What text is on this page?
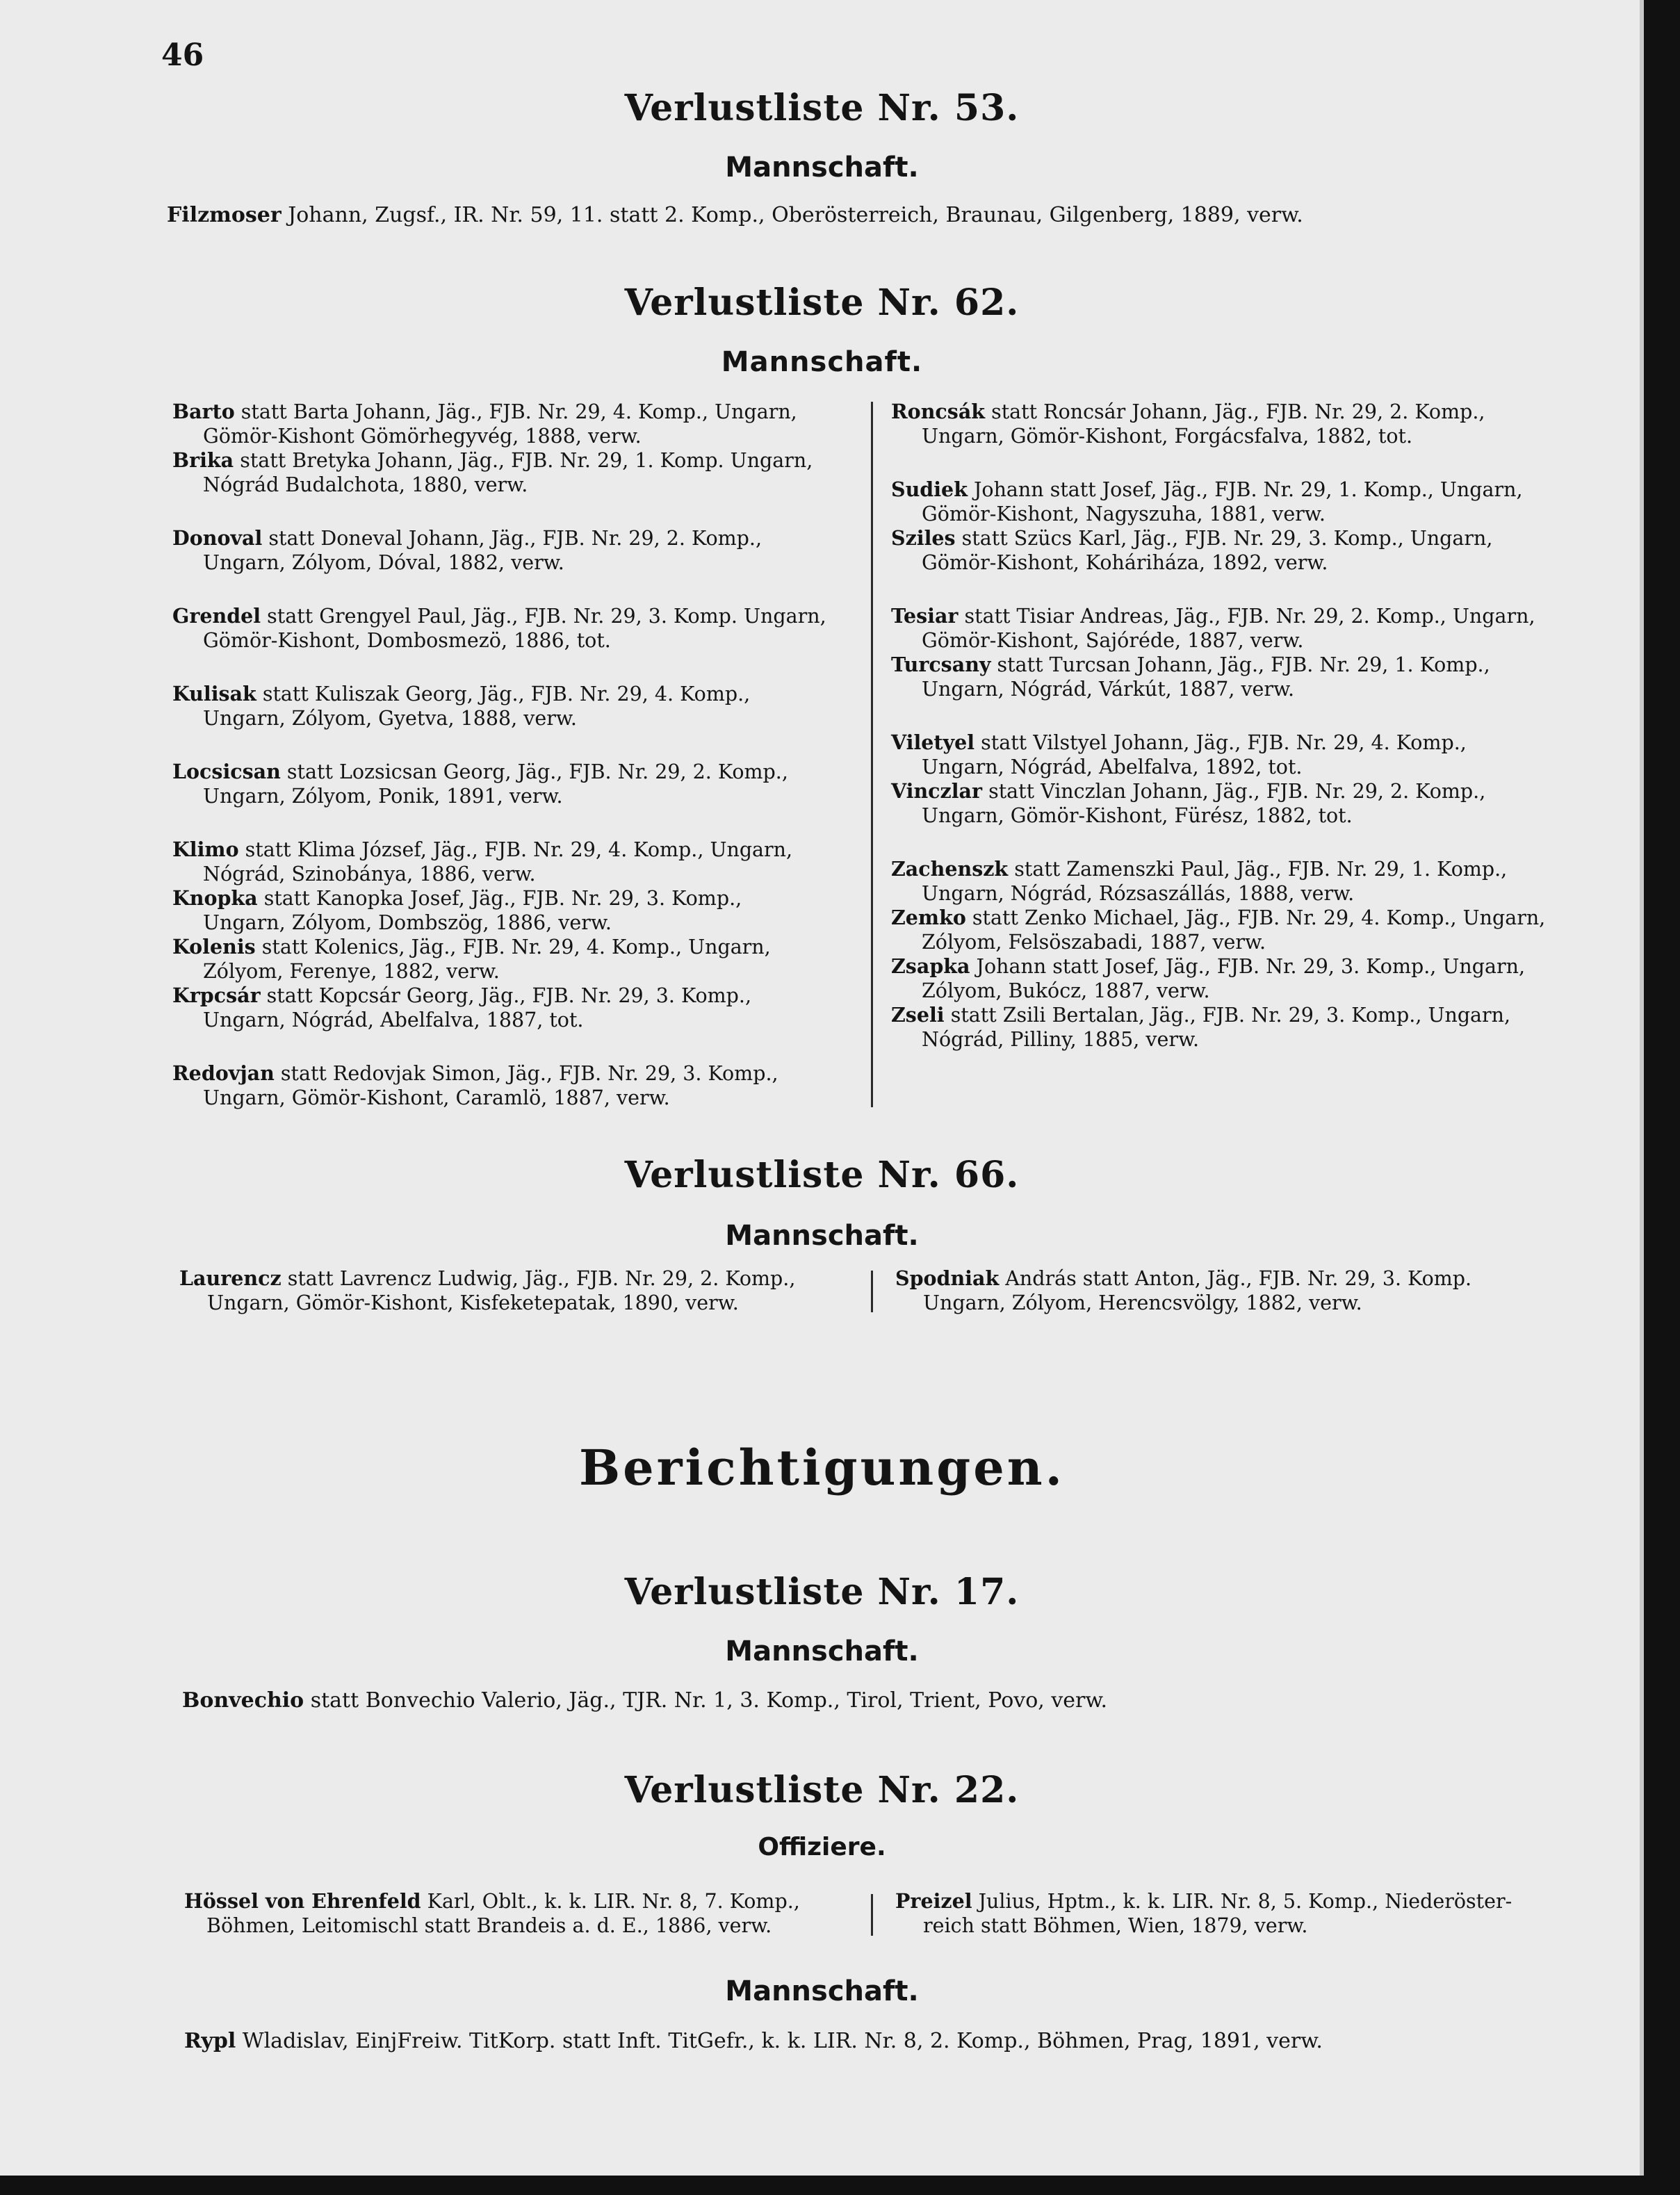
46
Verlustliste Nr. 53.
Mannschaft.
Filzmoser Johann, Zugsf., IR. Nr. 59, 11. statt 2. Komp., Oberösterreich, Braunau, Gilgenberg, 1889, verw.
Verlustliste Nr. 62.
Mannschaft.
Barto statt Barta Johann, Jäg., FJB. Nr. 29, 4. Komp., Ungarn,
Gömör-Kishont Gömörhegyvég, 1888, verw.
Brika statt Bretyka Johann, Jäg., FJB. Nr. 29, 1. Komp. Ungarn,
Nógrád Budalchota, 1880, verw.
Donoval statt Doneval Johann, Jäg., FJB. Nr. 29, 2. Komp.,
Ungarn, Zólyom, Dóval, 1882, verw.
Grendel statt Grengyel Paul, Jäg., FJB. Nr. 29, 3. Komp. Ungarn,
Gömör-Kishont, Dombosmezö, 1886, tot.
Kulisak statt Kuliszak Georg, Jäg., FJB. Nr. 29, 4. Komp.,
Ungarn, Zólyom, Gyetva, 1888, verw.
Locsicsan statt Lozsicsan Georg, Jäg., FJB. Nr. 29, 2. Komp.,
Ungarn, Zólyom, Ponik, 1891, verw.
Klimo statt Klima József, Jäg., FJB. Nr. 29, 4. Komp., Ungarn,
Nógrád, Szinobánya, 1886, verw.
Knopka statt Kanopka Josef, Jäg., FJB. Nr. 29, 3. Komp.,
Ungarn, Zólyom, Dombszög, 1886, verw.
Kolenis statt Kolenics, Jäg., FJB. Nr. 29, 4. Komp., Ungarn,
Zólyom, Ferenye, 1882, verw.
Krpcsár statt Kopcsár Georg, Jäg., FJB. Nr. 29, 3. Komp.,
Ungarn, Nógrád, Abelfalva, 1887, tot.
Redovjan statt Redovjak Simon, Jäg., FJB. Nr. 29, 3. Komp.,
Ungarn, Gömör-Kishont, Caramlö, 1887, verw.
Roncsák statt Roncsár Johann, Jäg., FJB. Nr. 29, 2. Komp.,
Ungarn, Gömör-Kishont, Forgácsfalva, 1882, tot.
Sudiek Johann statt Josef, Jäg., FJB. Nr. 29, 1. Komp., Ungarn,
Gömör-Kishont, Nagyszuha, 1881, verw.
Sziles statt Szücs Karl, Jäg., FJB. Nr. 29, 3. Komp., Ungarn,
Gömör-Kishont, Koháriháza, 1892, verw.
Tesiar statt Tisiar Andreas, Jäg., FJB. Nr. 29, 2. Komp., Ungarn,
Gömör-Kishont, Sajóréde, 1887, verw.
Turcsany statt Turcsan Johann, Jäg., FJB. Nr. 29, 1. Komp.,
Ungarn, Nógrád, Várkút, 1887, verw.
Viletyel statt Vilstyel Johann, Jäg., FJB. Nr. 29, 4. Komp.,
Ungarn, Nógrád, Abelfalva, 1892, tot.
Vinczlar statt Vinczlan Johann, Jäg., FJB. Nr. 29, 2. Komp.,
Ungarn, Gömör-Kishont, Fürész, 1882, tot.
Zachenszk statt Zamenszki Paul, Jäg., FJB. Nr. 29, 1. Komp.,
Ungarn, Nógrád, Rózsaszállás, 1888, verw.
Zemko statt Zenko Michael, Jäg., FJB. Nr. 29, 4. Komp., Ungarn,
Zólyom, Felsöszabadi, 1887, verw.
Zsapka Johann statt Josef, Jäg., FJB. Nr. 29, 3. Komp., Ungarn,
Zólyom, Bukócz, 1887, verw.
Zseli statt Zsili Bertalan, Jäg., FJB. Nr. 29, 3. Komp., Ungarn,
Nógrád, Pilliny, 1885, verw.
Verlustliste Nr. 66.
Mannschaft.
Laurencz statt Lavrencz Ludwig, Jäg., FJB. Nr. 29, 2. Komp.,
Ungarn, Gömör-Kishont, Kisfeketepatak, 1890, verw.
Spodniak András statt Anton, Jäg., FJB. Nr. 29, 3. Komp.
Ungarn, Zólyom, Herencsvölgy, 1882, verw.
Berichtigungen.
Verlustliste Nr. 17.
Mannschaft.
Bonvechio statt Bonvechio Valerio, Jäg., TJR. Nr. 1, 3. Komp., Tirol, Trient, Povo, verw.
Verlustliste Nr. 22.
Offiziere.
Hössel von Ehrenfeld Karl, Oblt., k. k. LIR. Nr. 8, 7. Komp.,
Böhmen, Leitomischl statt Brandeis a. d. E., 1886, verw.
Preizel Julius, Hptm., k. k. LIR. Nr. 8, 5. Komp., Niederöster-
reich statt Böhmen, Wien, 1879, verw.
Mannschaft.
Rypl Wladislav, EinjFreiw. TitKorp. statt Inft. TitGefr., k. k. LIR. Nr. 8, 2. Komp., Böhmen, Prag, 1891, verw.
